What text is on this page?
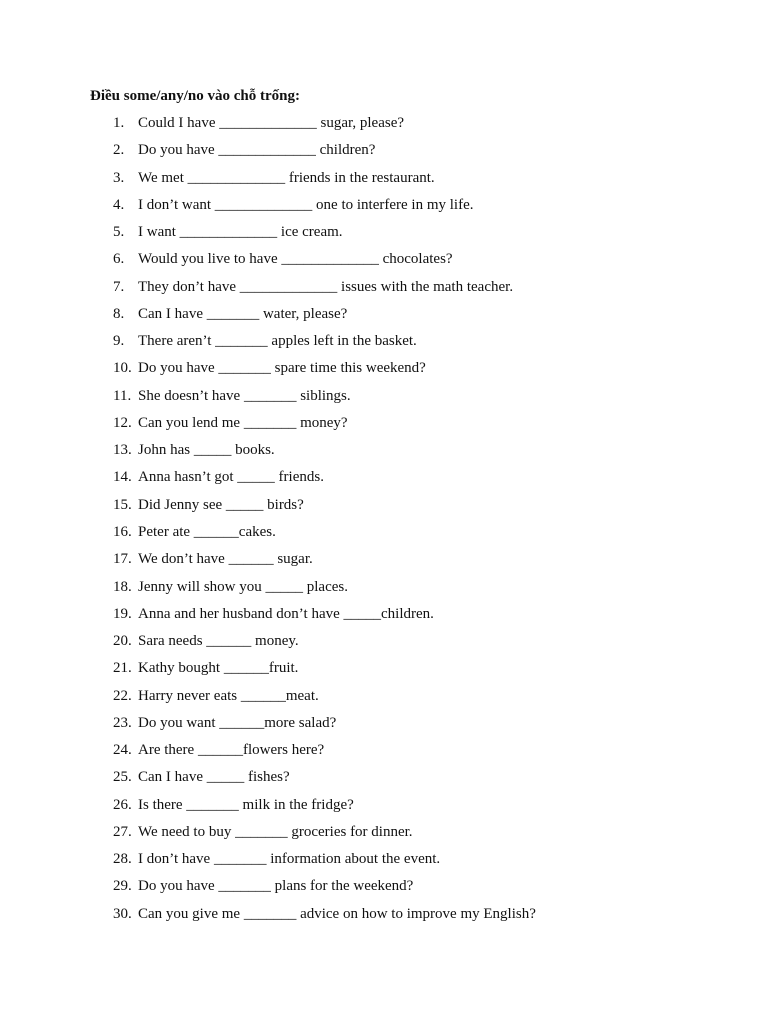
Điều some/any/no vào chỗ trống:
1. Could I have _____________ sugar, please?
2. Do you have _____________ children?
3. We met _____________ friends in the restaurant.
4. I don’t want _____________ one to interfere in my life.
5. I want _____________ ice cream.
6. Would you live to have _____________ chocolates?
7. They don’t have _____________ issues with the math teacher.
8. Can I have _______ water, please?
9. There aren’t _______ apples left in the basket.
10. Do you have _______ spare time this weekend?
11. She doesn’t have _______ siblings.
12. Can you lend me _______ money?
13. John has _____ books.
14. Anna hasn’t got _____ friends.
15. Did Jenny see _____ birds?
16. Peter ate ______cakes.
17. We don’t have ______ sugar.
18. Jenny will show you _____ places.
19. Anna and her husband don’t have _____children.
20. Sara needs ______ money.
21. Kathy bought ______fruit.
22. Harry never eats ______meat.
23. Do you want ______more salad?
24. Are there ______flowers here?
25. Can I have _____ fishes?
26. Is there _______ milk in the fridge?
27. We need to buy _______ groceries for dinner.
28. I don’t have _______ information about the event.
29. Do you have _______ plans for the weekend?
30. Can you give me _______ advice on how to improve my English?
